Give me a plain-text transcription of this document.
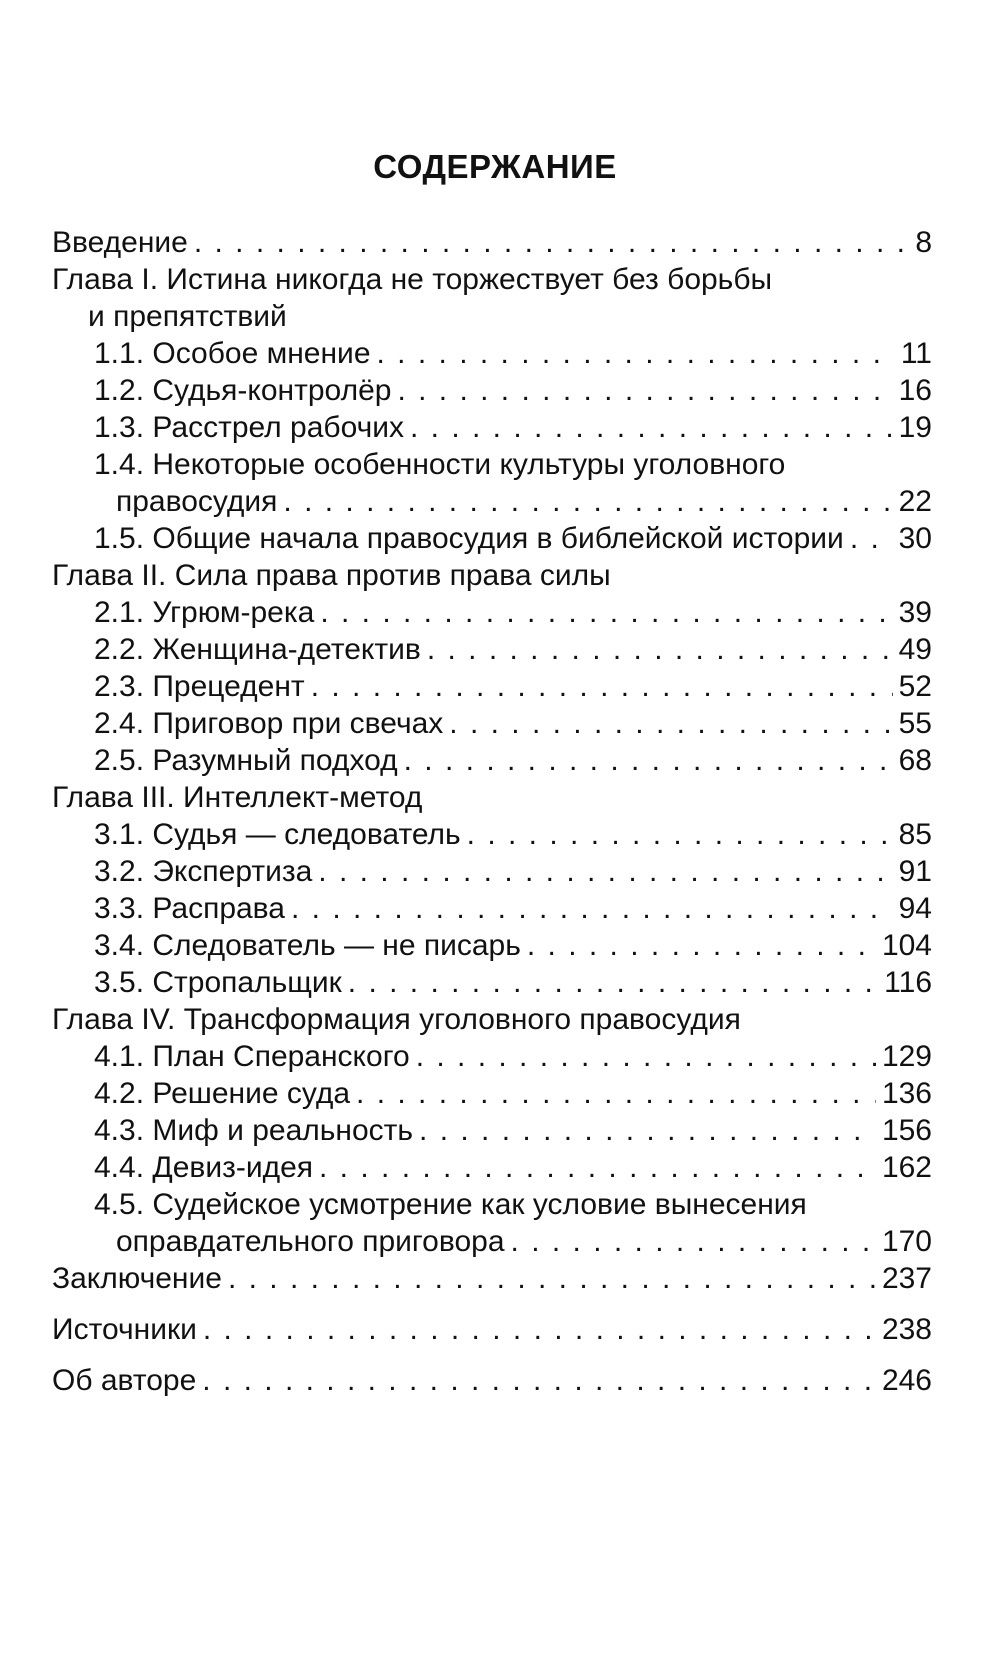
СОДЕРЖАНИЕ
Введение . . .	8
Глава I. Истина никогда не торжествует без борьбы
и препятствий
1.1. Особое мнение . . .	11
1.2. Судья-контролёр . . .	16
1.3. Расстрел рабочих . . .	19
1.4. Некоторые особенности культуры уголовного
правосудия . . .	22
1.5. Общие начала правосудия в библейской истории . . . 30
Глава II. Сила права против права силы
2.1. Угрюм-река . . .	39
2.2. Женщина-детектив . . .	49
2.3. Прецедент . . .	52
2.4. Приговор при свечах . . .	55
2.5. Разумный подход . . .	68
Глава III. Интеллект-метод
3.1. Судья — следователь . . .	85
3.2. Экспертиза . . .	91
3.3. Расправа . . .	94
3.4. Следователь — не писарь . . .	104
3.5. Стропальщик . . .	116
Глава IV. Трансформация уголовного правосудия
4.1. План Сперанского . . .	129
4.2. Решение суда . . .	136
4.3. Миф и реальность . . .	156
4.4. Девиз-идея . . .	162
4.5. Судейское усмотрение как условие вынесения
оправдательного приговора . . .	170
Заключение . . .	237
Источники . . .	238
Об авторе . . .	246
